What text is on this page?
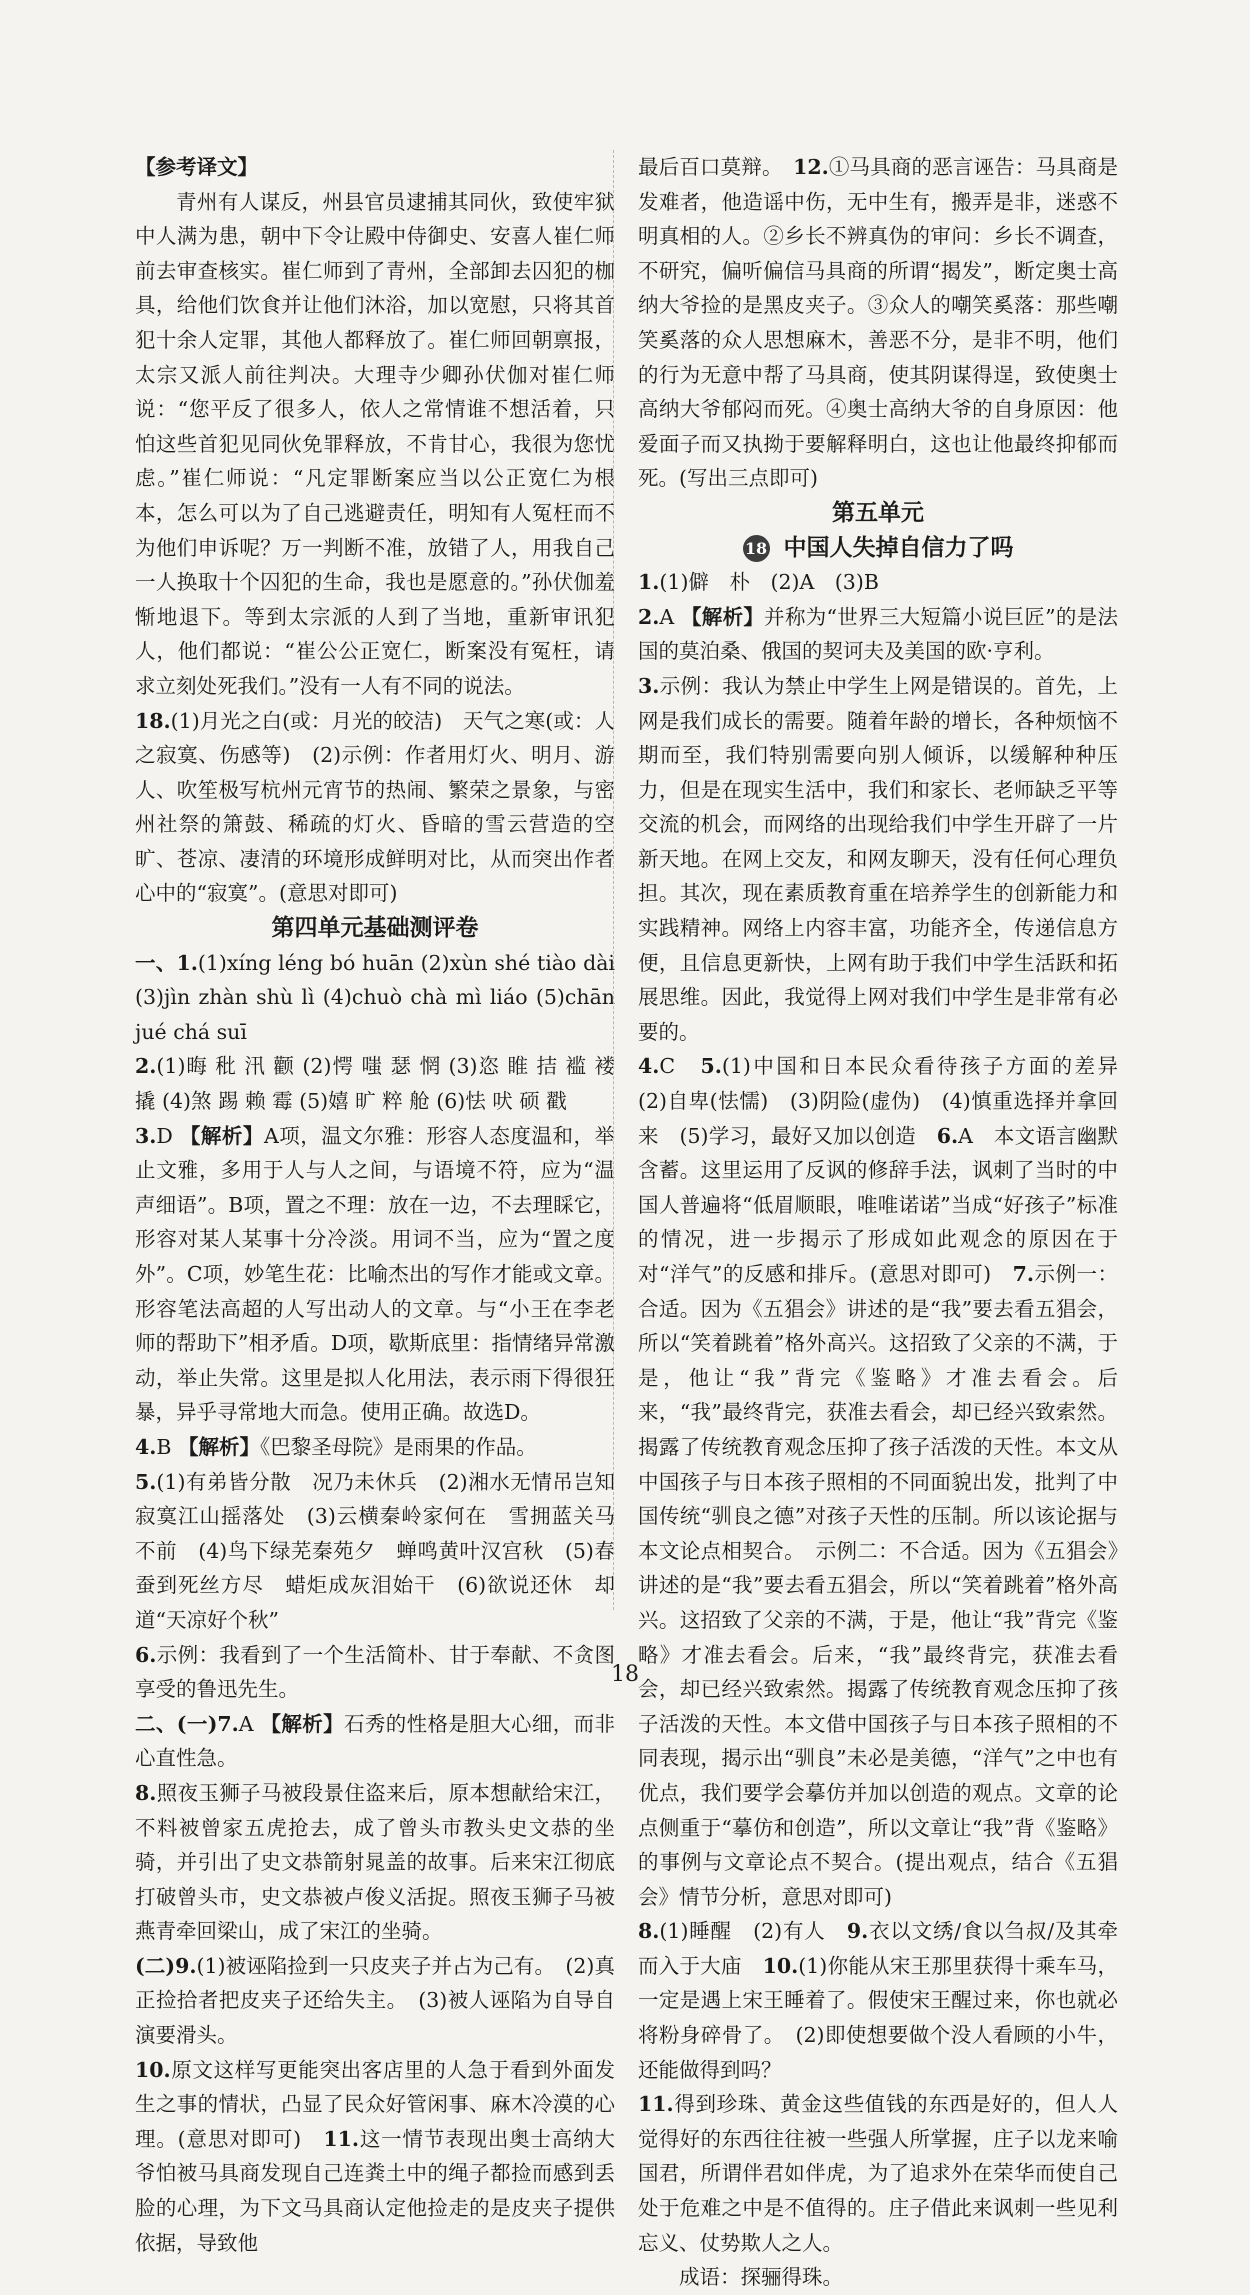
【参考译文】

青州有人谋反，州县官员逮捕其同伙，致使牢狱中人满为患，朝中下令让殿中侍御史、安喜人崔仁师前去审查核实。崔仁师到了青州，全部卸去囚犯的枷具，给他们饮食并让他们沐浴，加以宽慰，只将其首犯十余人定罪，其他人都释放了。崔仁师回朝禀报，太宗又派人前往判决。大理寺少卿孙伏伽对崔仁师说：“您平反了很多人，依人之常情谁不想活着，只怕这些首犯见同伙免罪释放，不肯甘心，我很为您忧虑。”崔仁师说：“凡定罪断案应当以公正宽仁为根本，怎么可以为了自己逃避责任，明知有人冤枉而不为他们申诉呢？万一判断不准，放错了人，用我自己一人换取十个囚犯的生命，我也是愿意的。”孙伏伽羞惭地退下。等到太宗派的人到了当地，重新审讯犯人，他们都说：“崔公公正宽仁，断案没有冤枉，请求立刻处死我们。”没有一人有不同的说法。

18.(1)月光之白(或：月光的皎洁)　天气之寒(或：人之寂寞、伤感等)　(2)示例：作者用灯火、明月、游人、吹笙极写杭州元宵节的热闹、繁荣之景象，与密州社祭的箫鼓、稀疏的灯火、昏暗的雪云营造的空旷、苍凉、凄清的环境形成鲜明对比，从而突出作者心中的“寂寞”。(意思对即可)

第四单元基础测评卷

一、1.(1)xíng léng bó huān (2)xùn shé tiào dài (3)jìn zhàn shù lì (4)chuò chà mì liáo (5)chān jué chá suī

2.(1)晦 秕 汛 颧 (2)愕 嗤 瑟 惘 (3)恣 睢 拮 褴 褛 撬 (4)煞 踢 赖 霉 (5)嬉 旷 粹 舱 (6)怯 吠 硕 戳

3.D 【解析】A项，温文尔雅：形容人态度温和，举止文雅，多用于人与人之间，与语境不符，应为“温声细语”。B项，置之不理：放在一边，不去理睬它，形容对某人某事十分冷淡。用词不当，应为“置之度外”。C项，妙笔生花：比喻杰出的写作才能或文章。形容笔法高超的人写出动人的文章。与“小王在李老师的帮助下”相矛盾。D项，歇斯底里：指情绪异常激动，举止失常。这里是拟人化用法，表示雨下得很狂暴，异乎寻常地大而急。使用正确。故选D。

4.B 【解析】《巴黎圣母院》是雨果的作品。

5.(1)有弟皆分散　况乃未休兵　(2)湘水无情吊岂知　寂寞江山摇落处　(3)云横秦岭家何在　雪拥蓝关马不前　(4)鸟下绿芜秦苑夕　蝉鸣黄叶汉宫秋　(5)春蚕到死丝方尽　蜡炬成灰泪始干　(6)欲说还休　却道“天凉好个秋”

6.示例：我看到了一个生活简朴、甘于奉献、不贪图享受的鲁迅先生。

二、(一)7.A 【解析】石秀的性格是胆大心细，而非心直性急。

8.照夜玉狮子马被段景住盗来后，原本想献给宋江，不料被曾家五虎抢去，成了曾头市教头史文恭的坐骑，并引出了史文恭箭射晁盖的故事。后来宋江彻底打破曾头市，史文恭被卢俊义活捉。照夜玉狮子马被燕青牵回梁山，成了宋江的坐骑。

(二)9.(1)被诬陷捡到一只皮夹子并占为己有。　(2)真正捡拾者把皮夹子还给失主。　(3)被人诬陷为自导自演要滑头。

10.原文这样写更能突出客店里的人急于看到外面发生之事的情状，凸显了民众好管闲事、麻木冷漠的心理。(意思对即可)　 11.这一情节表现出奥士高纳大爷怕被马具商发现自己连粪土中的绳子都捡而感到丢脸的心理，为下文马具商认定他捡走的是皮夹子提供依据，导致他

最后百口莫辩。　 12.①马具商的恶言诬告：马具商是发难者，他造谣中伤，无中生有，搬弄是非，迷惑不明真相的人。②乡长不辨真伪的审问：乡长不调查，不研究，偏听偏信马具商的所谓“揭发”，断定奥士高纳大爷捡的是黑皮夹子。③众人的嘲笑奚落：那些嘲笑奚落的众人思想麻木，善恶不分，是非不明，他们的行为无意中帮了马具商，使其阴谋得逞，致使奥士高纳大爷郁闷而死。④奥士高纳大爷的自身原因：他爱面子而又执拗于要解释明白，这也让他最终抑郁而死。(写出三点即可)

第五单元

18 中国人失掉自信力了吗

1.(1)僻　朴　(2)A　(3)B

2.A 【解析】并称为“世界三大短篇小说巨匠”的是法国的莫泊桑、俄国的契诃夫及美国的欧·亨利。

3.示例：我认为禁止中学生上网是错误的。首先，上网是我们成长的需要。随着年龄的增长，各种烦恼不期而至，我们特别需要向别人倾诉，以缓解种种压力，但是在现实生活中，我们和家长、老师缺乏平等交流的机会，而网络的出现给我们中学生开辟了一片新天地。在网上交友，和网友聊天，没有任何心理负担。其次，现在素质教育重在培养学生的创新能力和实践精神。网络上内容丰富，功能齐全，传递信息方便，且信息更新快，上网有助于我们中学生活跃和拓展思维。因此，我觉得上网对我们中学生是非常有必要的。

4.C　5.(1)中国和日本民众看待孩子方面的差异　(2)自卑(怯懦)　(3)阴险(虚伪)　(4)慎重选择并拿回来　(5)学习，最好又加以创造　6.A　本文语言幽默含蓄。这里运用了反讽的修辞手法，讽刺了当时的中国人普遍将“低眉顺眼，唯唯诺诺”当成“好孩子”标准的情况，进一步揭示了形成如此观念的原因在于对“洋气”的反感和排斥。(意思对即可)　7.示例一：合适。因为《五猖会》讲述的是“我”要去看五猖会，所以“笑着跳着”格外高兴。这招致了父亲的不满，于是，他让“我”背完《鉴略》才准去看会。后来，“我”最终背完，获准去看会，却已经兴致索然。揭露了传统教育观念压抑了孩子活泼的天性。本文从中国孩子与日本孩子照相的不同面貌出发，批判了中国传统“驯良之德”对孩子天性的压制。所以该论据与本文论点相契合。　示例二：不合适。因为《五猖会》讲述的是“我”要去看五猖会，所以“笑着跳着”格外高兴。这招致了父亲的不满，于是，他让“我”背完《鉴略》才准去看会。后来，“我”最终背完，获准去看会，却已经兴致索然。揭露了传统教育观念压抑了孩子活泼的天性。本文借中国孩子与日本孩子照相的不同表现，揭示出“驯良”未必是美德，“洋气”之中也有优点，我们要学会摹仿并加以创造的观点。文章的论点侧重于“摹仿和创造”，所以文章让“我”背《鉴略》的事例与文章论点不契合。(提出观点，结合《五猖会》情节分析，意思对即可)

8.(1)睡醒　(2)有人　9.衣以文绣/食以刍叔/及其牵而入于大庙　10.(1)你能从宋王那里获得十乘车马，一定是遇上宋王睡着了。假使宋王醒过来，你也就必将粉身碎骨了。　(2)即使想要做个没人看顾的小牛，还能做得到吗？

11.得到珍珠、黄金这些值钱的东西是好的，但人人觉得好的东西往往被一些强人所掌握，庄子以龙来喻国君，所谓伴君如伴虎，为了追求外在荣华而使自己处于危难之中是不值得的。庄子借此来讽刺一些见利忘义、仗势欺人之人。

成语：探骊得珠。

18
